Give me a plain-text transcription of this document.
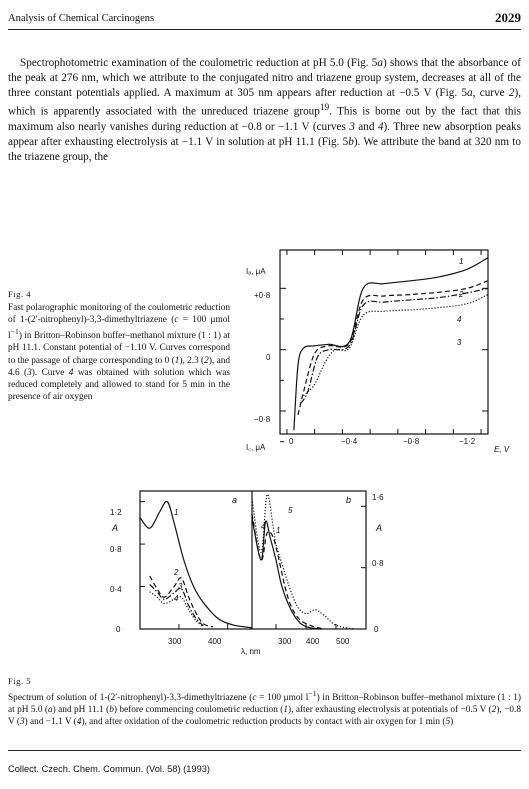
Analysis of Chemical Carcinogens	2029

Spectrophotometric examination of the coulometric reduction at pH 5.0 (Fig. 5a) shows that the absorbance of the peak at 276 nm, which we attribute to the conjugated nitro and triazene group system, decreases at all of the three constant potentials applied. A maximum at 305 nm appears after reduction at −0.5 V (Fig. 5a, curve 2), which is apparently associated with the unreduced triazene group$^{19}$. This is borne out by the fact that this maximum also nearly vanishes during reduction at −0.8 or −1.1 V (curves 3 and 4). Three new absorption peaks appear after exhausting electrolysis at −1.1 V in solution at pH 11.1 (Fig. 5b). We attribute the band at 320 nm to the triazene group, the

Fig. 4
Fast polarographic monitoring of the coulometric reduction of 1-(2′-nitrophenyl)-3,3-dimethyltriazene (c = 100 μmol $l^{-1}$) in Britton–Robinson buffer–methanol mixture (1 : 1) at pH 11.1. Constant potential of −1.10 V. Curves correspond to the passage of charge corresponding to 0 (1), 2.3 (2), and 4.6 (3). Curve 4 was obtained with solution which was reduced completely and allowed to stand for 5 min in the presence of air oxygen

Iₐ, μA
I꜀, μA
+0·8
0
−0·8
0	−0·4	−0·8	−1·2
E, V
1
2
4
3
a	b
A	A
1·2
0·8
0·4
0
1·6
0·8
0
300	400	300 400 500
λ, nm
1
2
3
4
5
4 1

Fig. 5
Spectrum of solution of 1-(2′-nitrophenyl)-3,3-dimethyltriazene (c = 100 μmol $l^{-1}$) in Britton–Robinson buffer–methanol mixture (1 : 1) at pH 5.0 (a) and pH 11.1 (b) before commencing coulometric reduction (1), after exhausting electrolysis at potentials of −0.5 V (2), −0.8 V (3) and −1.1 V (4), and after oxidation of the coulometric reduction products by contact with air oxygen for 1 min (5)

Collect. Czech. Chem. Commun. (Vol. 58) (1993)
